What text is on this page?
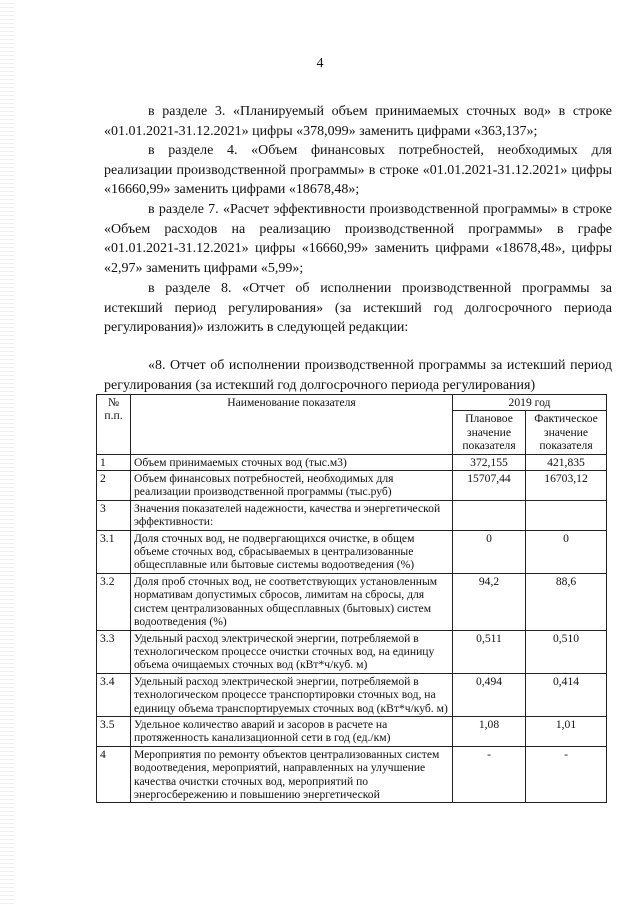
4

в разделе 3. «Планируемый объем принимаемых сточных вод» в строке «01.01.2021-31.12.2021» цифры «378,099» заменить цифрами «363,137»;

в разделе 4. «Объем финансовых потребностей, необходимых для реализации производственной программы» в строке «01.01.2021-31.12.2021» цифры «16660,99» заменить цифрами «18678,48»;

в разделе 7. «Расчет эффективности производственной программы» в строке «Объем расходов на реализацию производственной программы» в графе «01.01.2021-31.12.2021» цифры «16660,99» заменить цифрами «18678,48», цифры «2,97» заменить цифрами «5,99»;

в разделе 8. «Отчет об исполнении производственной программы за истекший период регулирования» (за истекший год долгосрочного периода регулирования)» изложить в следующей редакции:

«8. Отчет об исполнении производственной программы за истекший период регулирования (за истекший год долгосрочного периода регулирования)

№ п.п.	Наименование показателя	2019 год	
		Плановое значение показателя	Фактическое значение показателя
1	Объем принимаемых сточных вод (тыс.м3)	372,155	421,835
2	Объем финансовых потребностей, необходимых для реализации производственной программы (тыс.руб)	15707,44	16703,12
3	Значения показателей надежности, качества и энергетической эффективности:		
3.1	Доля сточных вод, не подвергающихся очистке, в общем объеме сточных вод, сбрасываемых в централизованные общесплавные или бытовые системы водоотведения (%)	0	0
3.2	Доля проб сточных вод, не соответствующих установленным нормативам допустимых сбросов, лимитам на сбросы, для систем централизованных общесплавных (бытовых) систем водоотведения (%)	94,2	88,6
3.3	Удельный расход электрической энергии, потребляемой в технологическом процессе очистки сточных вод, на единицу объема очищаемых сточных вод (кВт*ч/куб. м)	0,511	0,510
3.4	Удельный расход электрической энергии, потребляемой в технологическом процессе транспортировки сточных вод, на единицу объема транспортируемых сточных вод (кВт*ч/куб. м)	0,494	0,414
3.5	Удельное количество аварий и засоров в расчете на протяженность канализационной сети в год (ед./км)	1,08	1,01
4	Мероприятия по ремонту объектов централизованных систем водоотведения, мероприятий, направленных на улучшение качества очистки сточных вод, мероприятий по энергосбережению и повышению энергетической	-	-
